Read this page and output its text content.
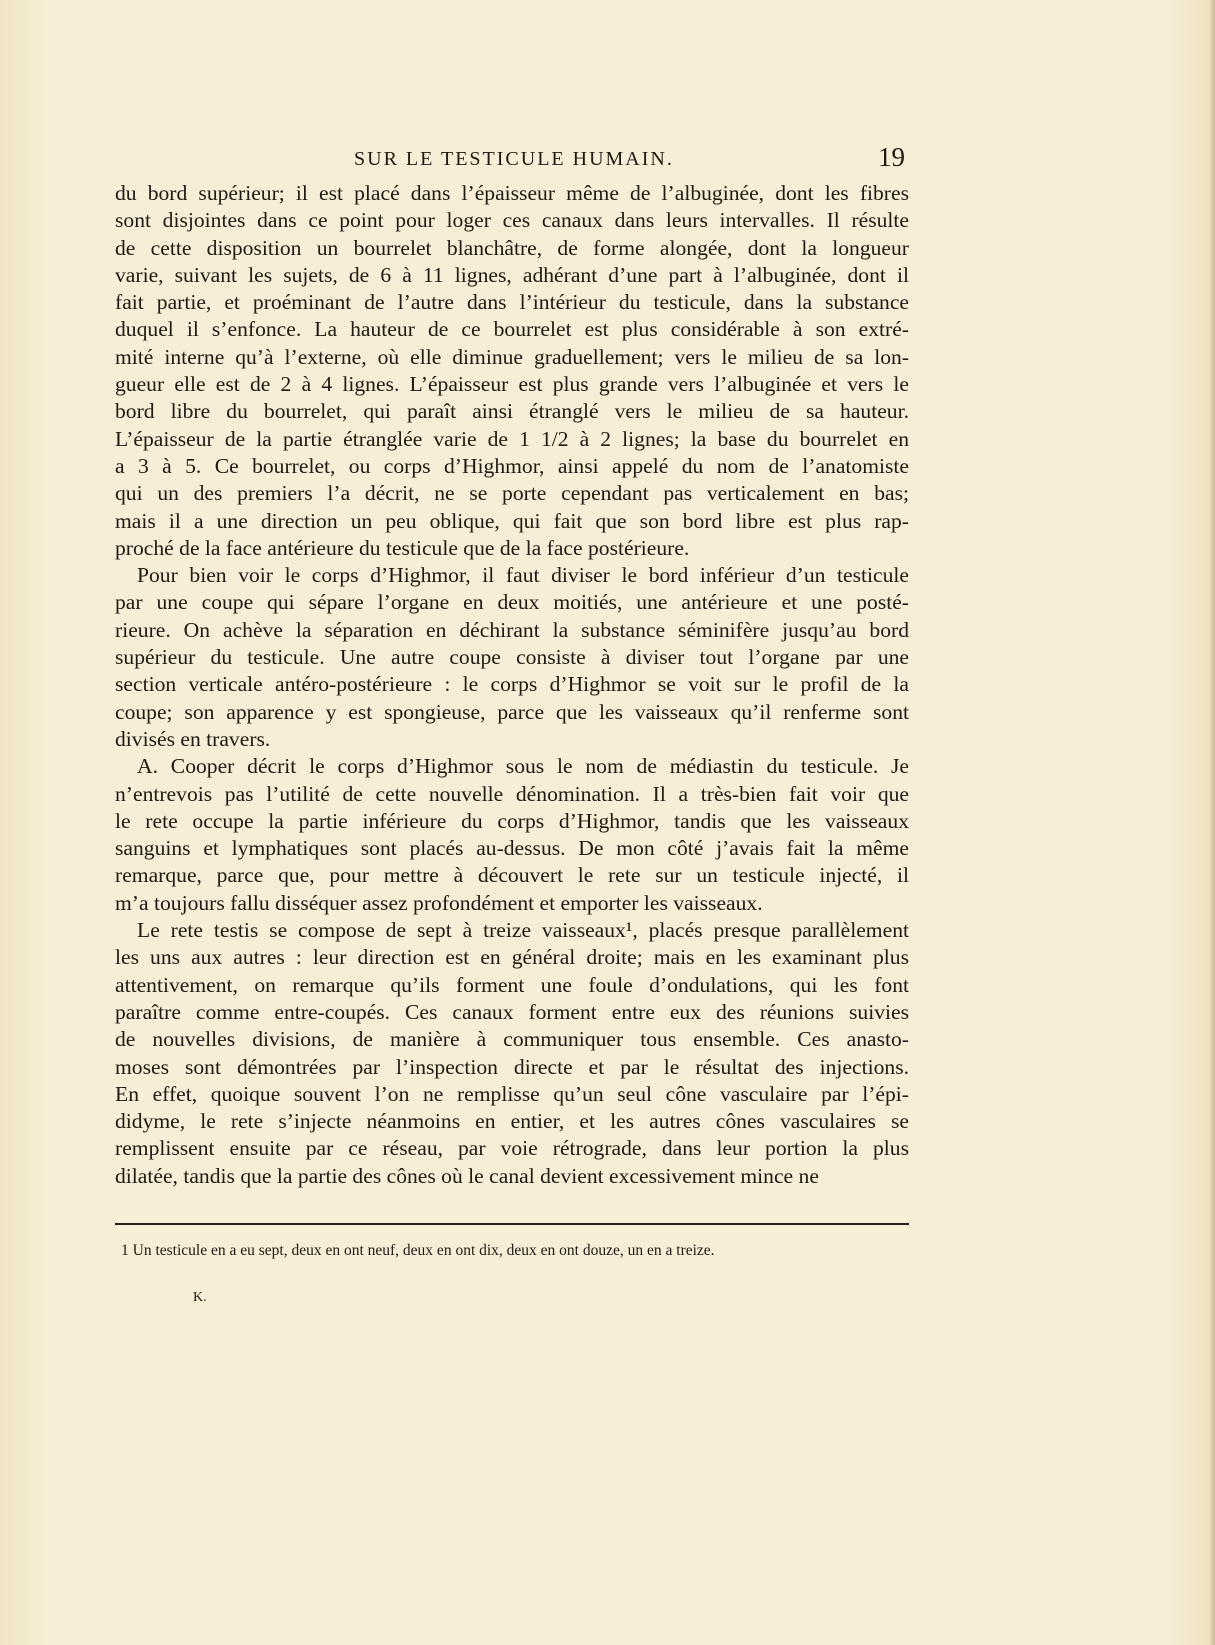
SUR LE TESTICULE HUMAIN.	19
du bord supérieur; il est placé dans l’épaisseur même de l’albuginée, dont les fibres
sont disjointes dans ce point pour loger ces canaux dans leurs intervalles. Il résulte
de cette disposition un bourrelet blanchâtre, de forme alongée, dont la longueur
varie, suivant les sujets, de 6 à 11 lignes, adhérant d’une part à l’albuginée, dont il
fait partie, et proéminant de l’autre dans l’intérieur du testicule, dans la substance
duquel il s’enfonce. La hauteur de ce bourrelet est plus considérable à son extré-
mité interne qu’à l’externe, où elle diminue graduellement; vers le milieu de sa lon-
gueur elle est de 2 à 4 lignes. L’épaisseur est plus grande vers l’albuginée et vers le
bord libre du bourrelet, qui paraît ainsi étranglé vers le milieu de sa hauteur.
L’épaisseur de la partie étranglée varie de 1 1/2 à 2 lignes; la base du bourrelet en
a 3 à 5. Ce bourrelet, ou corps d’Highmor, ainsi appelé du nom de l’anatomiste
qui un des premiers l’a décrit, ne se porte cependant pas verticalement en bas;
mais il a une direction un peu oblique, qui fait que son bord libre est plus rap-
proché de la face antérieure du testicule que de la face postérieure.
Pour bien voir le corps d’Highmor, il faut diviser le bord inférieur d’un testicule
par une coupe qui sépare l’organe en deux moitiés, une antérieure et une posté-
rieure. On achève la séparation en déchirant la substance séminifère jusqu’au bord
supérieur du testicule. Une autre coupe consiste à diviser tout l’organe par une
section verticale antéro-postérieure : le corps d’Highmor se voit sur le profil de la
coupe; son apparence y est spongieuse, parce que les vaisseaux qu’il renferme sont
divisés en travers.
A. Cooper décrit le corps d’Highmor sous le nom de médiastin du testicule. Je
n’entrevois pas l’utilité de cette nouvelle dénomination. Il a très-bien fait voir que
le rete occupe la partie inférieure du corps d’Highmor, tandis que les vaisseaux
sanguins et lymphatiques sont placés au-dessus. De mon côté j’avais fait la même
remarque, parce que, pour mettre à découvert le rete sur un testicule injecté, il
m’a toujours fallu disséquer assez profondément et emporter les vaisseaux.
Le rete testis se compose de sept à treize vaisseaux¹, placés presque parallèlement
les uns aux autres : leur direction est en général droite; mais en les examinant plus
attentivement, on remarque qu’ils forment une foule d’ondulations, qui les font
paraître comme entre-coupés. Ces canaux forment entre eux des réunions suivies
de nouvelles divisions, de manière à communiquer tous ensemble. Ces anasto-
moses sont démontrées par l’inspection directe et par le résultat des injections.
En effet, quoique souvent l’on ne remplisse qu’un seul cône vasculaire par l’épi-
didyme, le rete s’injecte néanmoins en entier, et les autres cônes vasculaires se
remplissent ensuite par ce réseau, par voie rétrograde, dans leur portion la plus
dilatée, tandis que la partie des cônes où le canal devient excessivement mince ne
1 Un testicule en a eu sept, deux en ont neuf, deux en ont dix, deux en ont douze, un en a treize.
K.
